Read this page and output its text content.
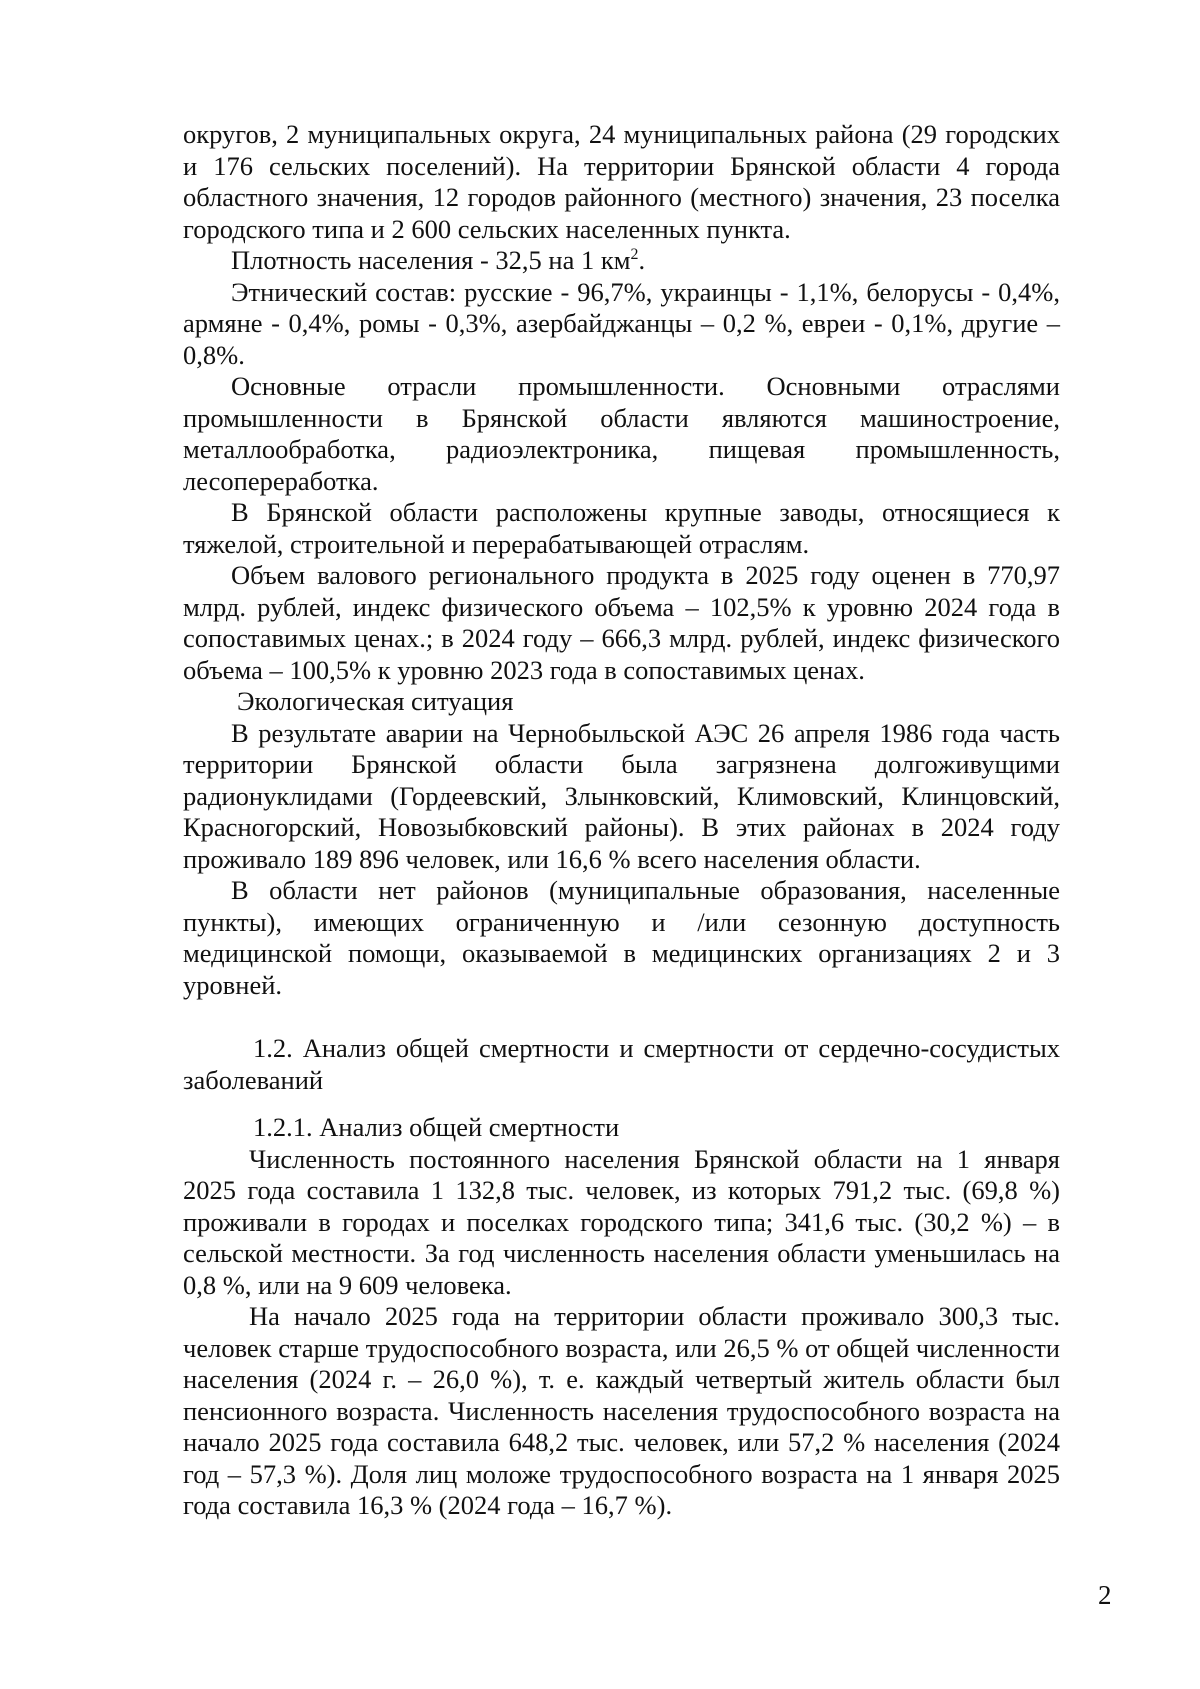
округов, 2 муниципальных округа, 24 муниципальных района (29 городских и 176 сельских поселений). На территории Брянской области 4 города областного значения, 12 городов районного (местного) значения, 23 поселка городского типа и 2 600 сельских населенных пункта.

Плотность населения - 32,5 на 1 $км^2$.

Этнический состав: русские - 96,7%, украинцы - 1,1%, белорусы - 0,4%, армяне - 0,4%, ромы - 0,3%, азербайджанцы – 0,2 %, евреи - 0,1%, другие – 0,8%.

Основные отрасли промышленности. Основными отраслями промышленности в Брянской области являются машиностроение, металлообработка, радиоэлектроника, пищевая промышленность, лесопереработка.

В Брянской области расположены крупные заводы, относящиеся к тяжелой, строительной и перерабатывающей отраслям.

Объем валового регионального продукта в 2025 году оценен в 770,97 млрд. рублей, индекс физического объема – 102,5% к уровню 2024 года в сопоставимых ценах.; в 2024 году – 666,3 млрд. рублей, индекс физического объема – 100,5% к уровню 2023 года в сопоставимых ценах.

Экологическая ситуация

В результате аварии на Чернобыльской АЭС 26 апреля 1986 года часть территории Брянской области была загрязнена долгоживущими радионуклидами (Гордеевский, Злынковский, Климовский, Клинцовский, Красногорский, Новозыбковский районы). В этих районах в 2024 году проживало 189 896 человек, или 16,6 % всего населения области.

В области нет районов (муниципальные образования, населенные пункты), имеющих ограниченную и /или сезонную доступность медицинской помощи, оказываемой в медицинских организациях 2 и 3 уровней.

1.2. Анализ общей смертности и смертности от сердечно-сосудистых заболеваний

1.2.1. Анализ общей смертности

Численность постоянного населения Брянской области на 1 января 2025 года составила 1 132,8 тыс. человек, из которых 791,2 тыс. (69,8 %) проживали в городах и поселках городского типа; 341,6 тыс. (30,2 %) – в сельской местности. За год численность населения области уменьшилась на 0,8 %, или на 9 609 человека.

На начало 2025 года на территории области проживало 300,3 тыс. человек старше трудоспособного возраста, или 26,5 % от общей численности населения (2024 г. – 26,0 %), т. е. каждый четвертый житель области был пенсионного возраста. Численность населения трудоспособного возраста на начало 2025 года составила 648,2 тыс. человек, или 57,2 % населения (2024 год – 57,3 %). Доля лиц моложе трудоспособного возраста на 1 января 2025 года составила 16,3 % (2024 года – 16,7 %).

2
